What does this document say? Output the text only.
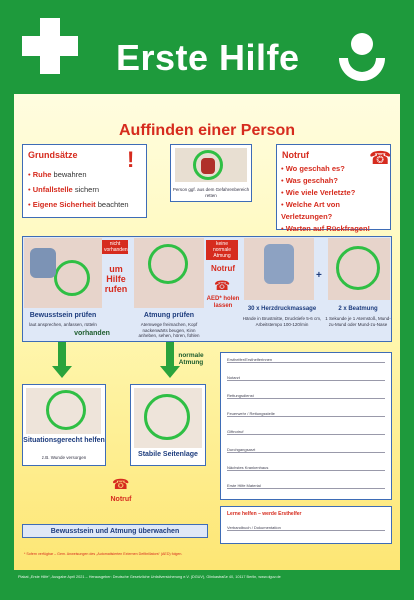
Erste Hilfe
Auffinden einer Person
Grundsätze !
• Ruhe bewahren
• Unfallstelle sichern
• Eigene Sicherheit beachten
Person ggf. aus dem Gefahrenbereich retten
Notruf	☎
• Wo geschah es?
• Was geschah?
• Wie viele Verletzte?
• Welche Art von Verletzungen?
• Warten auf Rückfragen!
Bewusstsein prüfen
laut ansprechen, anfassen, rütteln
nicht vorhanden
um Hilfe rufen
Atmung prüfen
Atemwege freimachen, Kopf nackenwärts beugen, Kinn anheben, sehen, hören, fühlen
keine normale Atmung
Notruf
☎
AED* holen lassen	30 x Herzdruckmassage
Hände in Brustmitte, Drucktiefe 5-6 cm, Arbeitstempo 100-120/min
+
2 x Beatmung
1 Sekunde je 1 Atemstoß, Mund-zu-Mund oder Mund-zu-Nase
vorhanden
normale Atmung
Situationsgerecht helfen
z.B. Wunde versorgen	Stabile Seitenlage
☎
Notruf
Bewusstsein und Atmung überwachen
Ersthelfer/Ersthelferinnen
Notarzt
Rettungsdienst
Feuerwehr / Rettungsstelle
Giftnotruf
Durchgangsarzt
Nächstes Krankenhaus
Erste Hilfe Material
Lerne helfen – werde Ersthelfer
Verbandbuch / Dokumentation
* Sofern verfügbar – Gem. Anweisungen des „Automatisierten Externen Defibrillators“ (AED) folgen.
Plakat „Erste Hilfe“, Ausgabe April 2021 – Herausgeber: Deutsche Gesetzliche Unfallversicherung e.V. (DGUV), Glinkastraße 40, 10117 Berlin, www.dguv.de
